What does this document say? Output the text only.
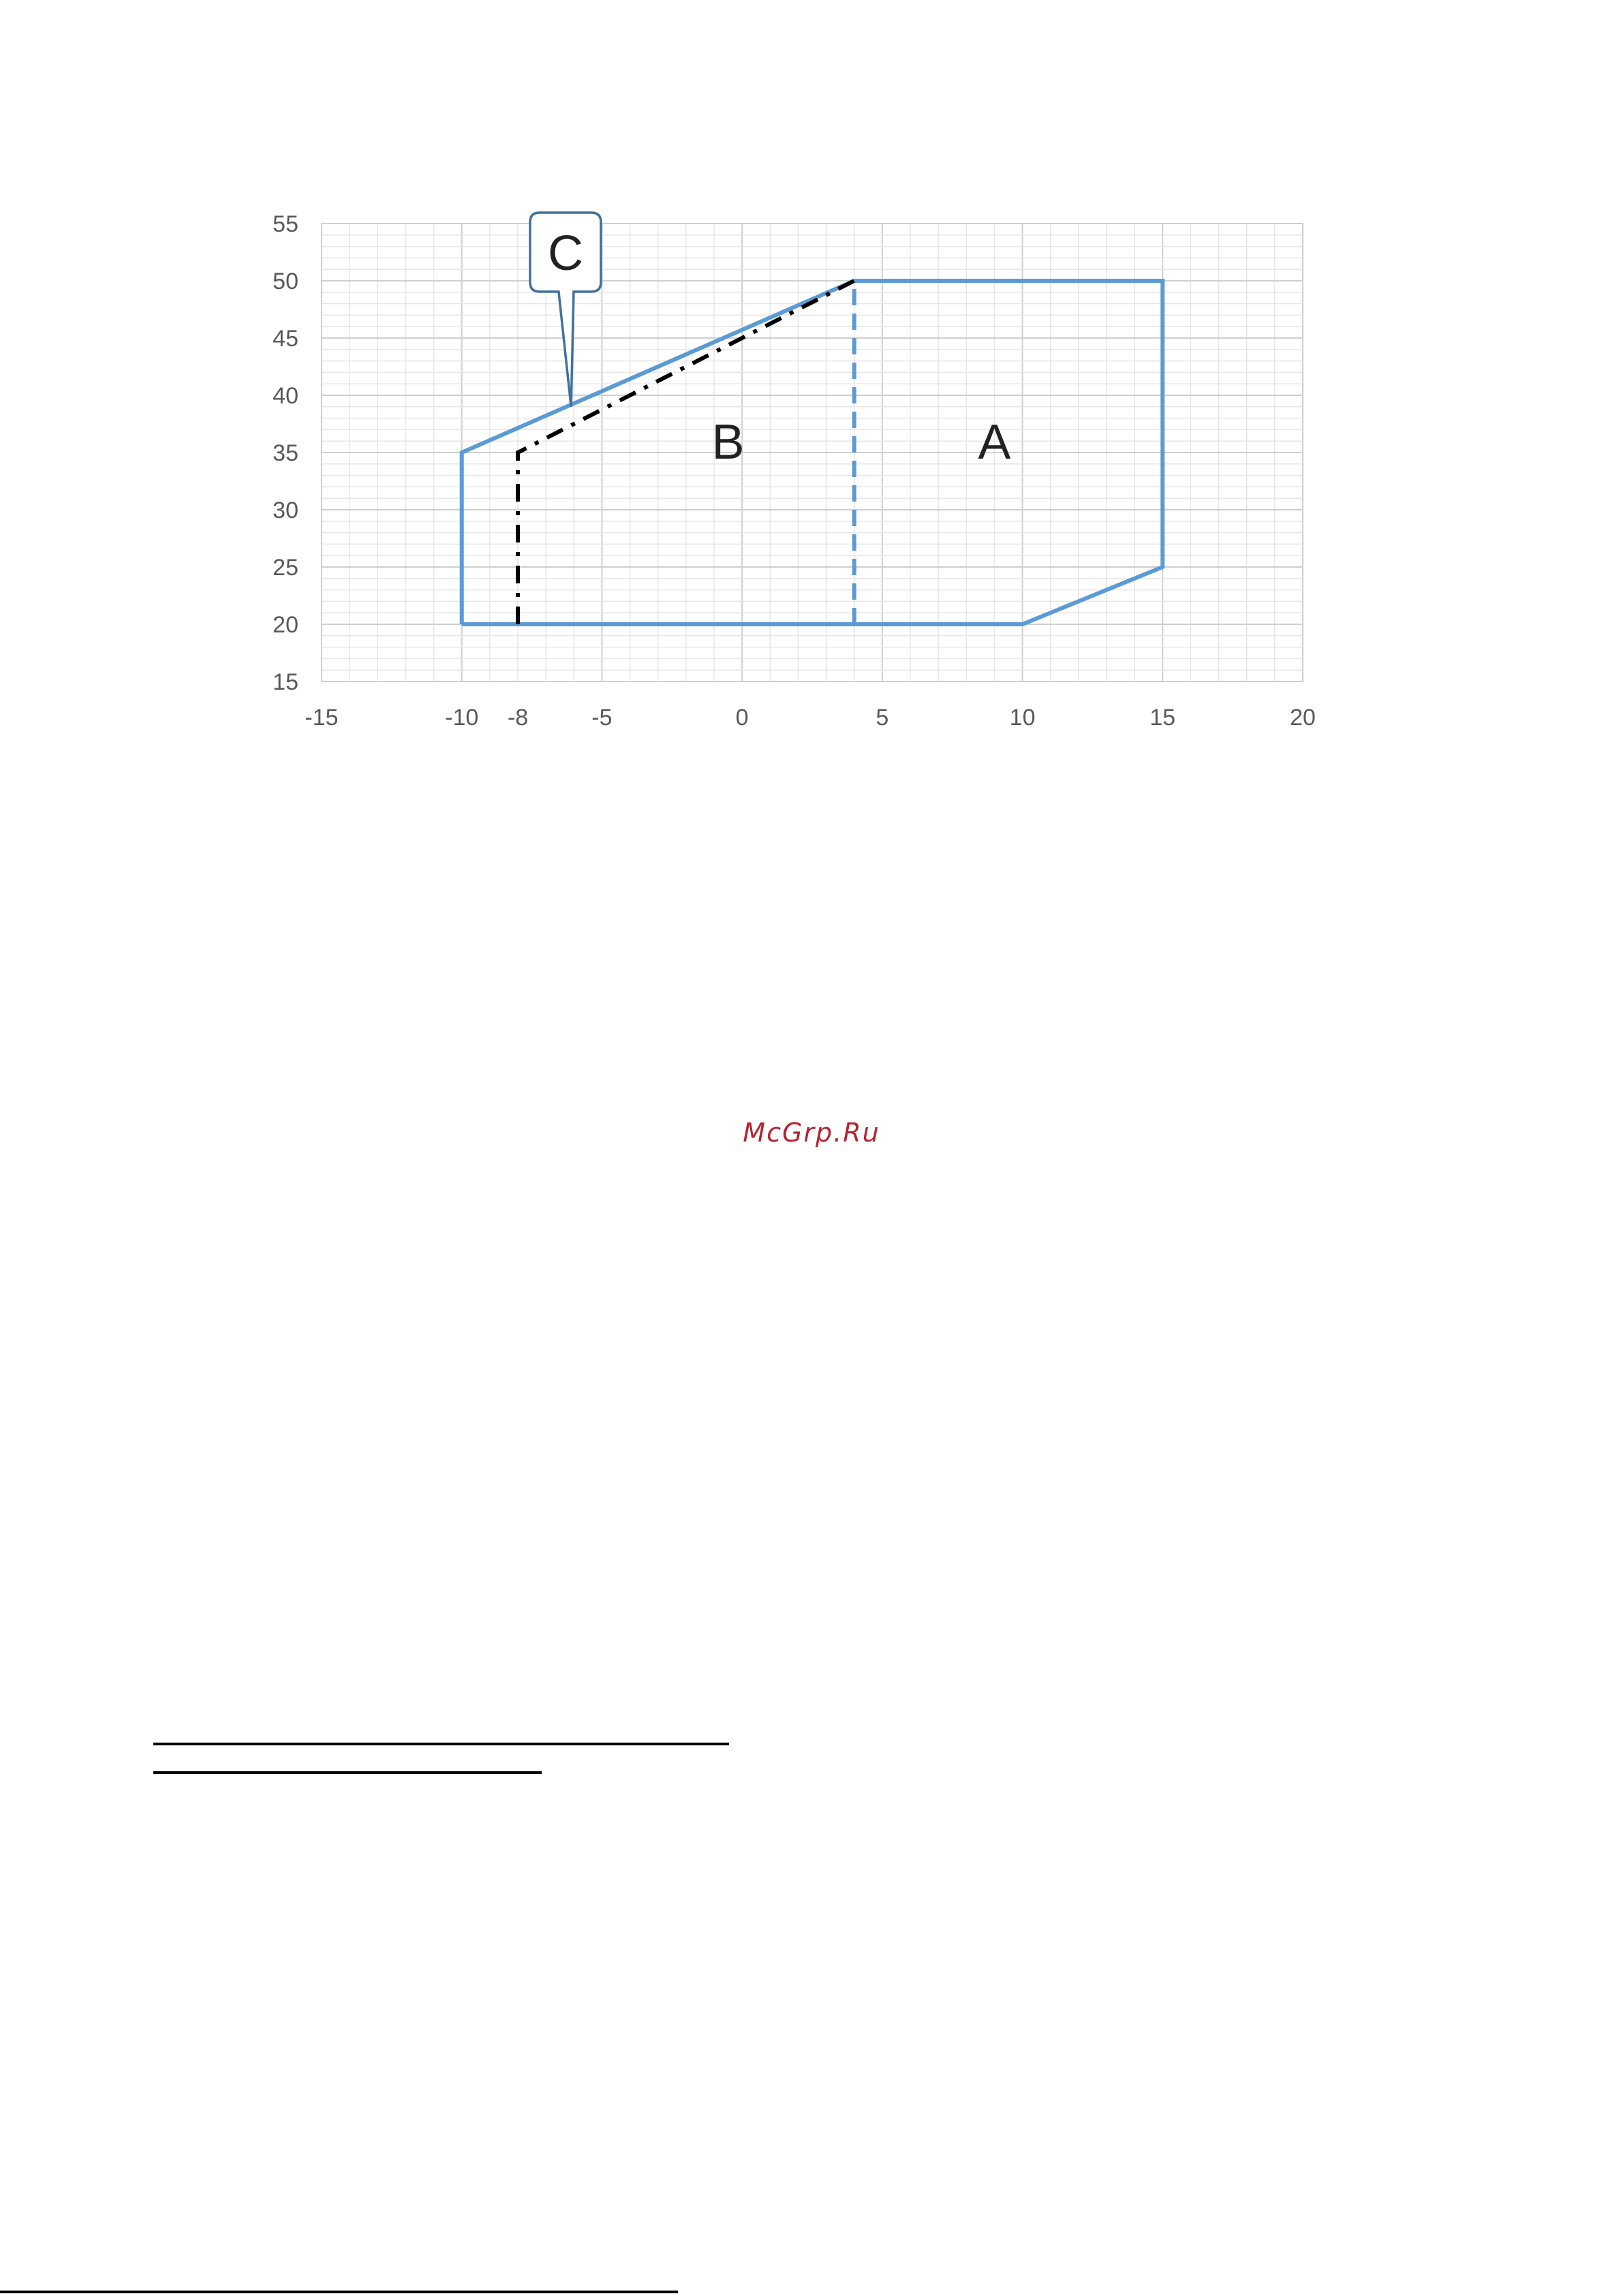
15
20
25
30
35
40
45
50
55
-15	-10 -8	-5	0	5	10	15	20
A
B
C
McGrp.Ru
